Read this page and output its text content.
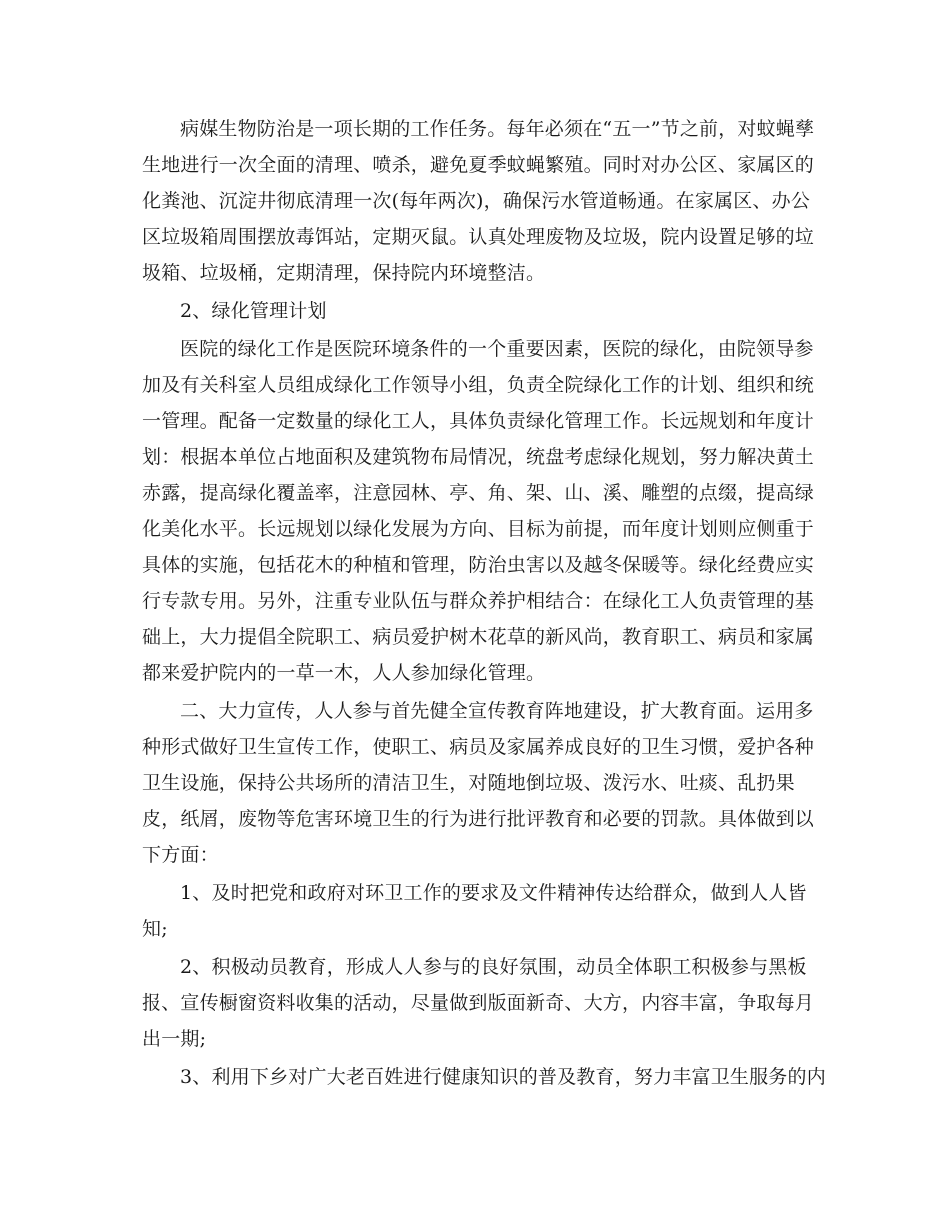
病媒生物防治是一项长期的工作任务。每年必须在“五一”节之前，对蚊蝇孳
生地进行一次全面的清理、喷杀，避免夏季蚊蝇繁殖。同时对办公区、家属区的
化粪池、沉淀井彻底清理一次(每年两次)，确保污水管道畅通。在家属区、办公
区垃圾箱周围摆放毒饵站，定期灭鼠。认真处理废物及垃圾，院内设置足够的垃
圾箱、垃圾桶，定期清理，保持院内环境整洁。
2、绿化管理计划
医院的绿化工作是医院环境条件的一个重要因素，医院的绿化，由院领导参
加及有关科室人员组成绿化工作领导小组，负责全院绿化工作的计划、组织和统
一管理。配备一定数量的绿化工人，具体负责绿化管理工作。长远规划和年度计
划：根据本单位占地面积及建筑物布局情况，统盘考虑绿化规划，努力解决黄土
赤露，提高绿化覆盖率，注意园林、亭、角、架、山、溪、雕塑的点缀，提高绿
化美化水平。长远规划以绿化发展为方向、目标为前提，而年度计划则应侧重于
具体的实施，包括花木的种植和管理，防治虫害以及越冬保暖等。绿化经费应实
行专款专用。另外，注重专业队伍与群众养护相结合：在绿化工人负责管理的基
础上，大力提倡全院职工、病员爱护树木花草的新风尚，教育职工、病员和家属
都来爱护院内的一草一木，人人参加绿化管理。
二、大力宣传，人人参与首先健全宣传教育阵地建设，扩大教育面。运用多
种形式做好卫生宣传工作，使职工、病员及家属养成良好的卫生习惯，爱护各种
卫生设施，保持公共场所的清洁卫生，对随地倒垃圾、泼污水、吐痰、乱扔果
皮，纸屑，废物等危害环境卫生的行为进行批评教育和必要的罚款。具体做到以
下方面：
1、及时把党和政府对环卫工作的要求及文件精神传达给群众，做到人人皆
知;
2、积极动员教育，形成人人参与的良好氛围，动员全体职工积极参与黑板
报、宣传橱窗资料收集的活动，尽量做到版面新奇、大方，内容丰富，争取每月
出一期;
3、利用下乡对广大老百姓进行健康知识的普及教育，努力丰富卫生服务的内
